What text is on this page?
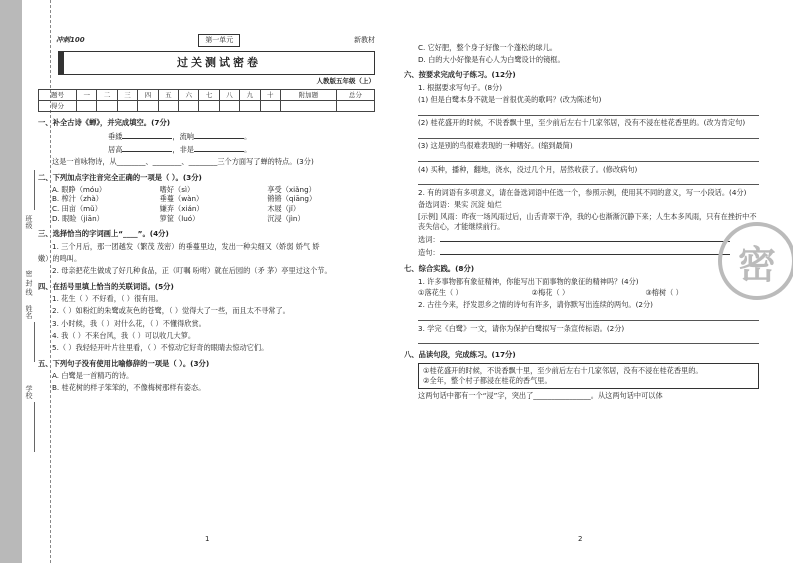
班级
密 封 线
姓名
学校
冲刺100	第一单元	新教材
过关测试密卷
人教版五年级（上）
题号	一	二	三	四	五	六	七	八	九	十	附加题	总分
得分												
一、补全古诗《蝉》，并完成填空。(7分)
垂緌	，流响	。
居高	，非是	。
这是一首咏物诗，从________、________、________三个方面写了蝉的特点。(3分)
二、下列加点字注音完全正确的一项是（ ）。(3分)
A. 眼睁（móu）	嗜好（sì）	享受（xiǎng）
B. 榨汁（zhà）	垂蔓（wàn）	锵锵（qiāng）
C. 田亩（mǔ）	嫌弃（xián）	木屐（jǐ）
D. 眼睑（jiān）	箩筐（luó）	沉浸（jìn）
三、选择恰当的字词画上“____”。(4分)
1. 三个月后，那一团越发（繁茂 茂密）的垂蔓里边，发出一种尖细又（娇弱 娇气 娇
嫩）的鸣叫。
2. 母亲把花生做成了好几种食品，正（叮嘱 吩咐）就在后园的（矛 茅）亭里过这个节。
四、在括号里填上恰当的关联词语。(5分)
1. 花生（ ）不好看，（ ）很有用。
2.（ ）如粉红的朱鹭或灰色的苍鹭，（ ）觉得大了一些，而且太不寻常了。
3. 小时候，我（ ）对什么花，（ ）不懂得欣赏。
4. 我（ ）不来台风，我（ ）可以收几大箩。
5.（ ）我轻轻开叶片往里看，（ ）不惊动它好奇的眼睛去惊动它们。
五、下列句子没有使用比喻修辞的一项是（ ）。(3分)
A. 白鹭是一首精巧的诗。
B. 桂花树的样子笨笨的，不像梅树那样有姿态。
1
C. 它好肥，整个身子好像一个蓬松的球儿。
D. 白的大小好像是有心人为白鹭设计的镜框。
六、按要求完成句子练习。(12分)
1. 根据要求写句子。(8分)
(1) 但是白鹭本身不就是一首很优美的歌吗？(改为陈述句)
(2) 桂花盛开的时候，不说香飘十里，至少前后左右十几家邻居，没有不浸在桂花香里的。(改为肯定句)
(3) 这是别的鸟很难表现的一种嗜好。(缩到最简)
(4) 买种，播种，翻地，浇水，没过几个月，居然收获了。(修改病句)
2. 有的词语有多项意义，请在备选词语中任选一个，参照示例，使用其不同的意义，写一小段话。(4分)
备选词语：果实 沉淀 灿烂
[示例] 风雨：昨夜一场风雨过后，山舌青翠干净，我的心也渐渐沉静下来；人生本多风雨，只有在挫折中不丧失信心，才能继续前行。
选词：
造句：
七、综合实践。(8分)
1. 许多事物都有象征精神，你能写出下面事物的象征的精神吗？(4分)
①落花生（ ）	②梅花（ ）	③榕树（ ）
2. 古往今来，抒发思乡之情的诗句有许多，请你默写出连续的两句。(2分)
3. 学完《白鹭》一文，请你为保护白鹭拟写一条宣传标语。(2分)
八、品读句段，完成练习。(17分)
①桂花盛开的时候，不说香飘十里，至少前后左右十几家邻居，没有不浸在桂花香里的。
②全年，整个村子都浸在桂花的香气里。
这两句话中都有一个“浸”字，突出了________________。从这两句话中可以体
密
2
